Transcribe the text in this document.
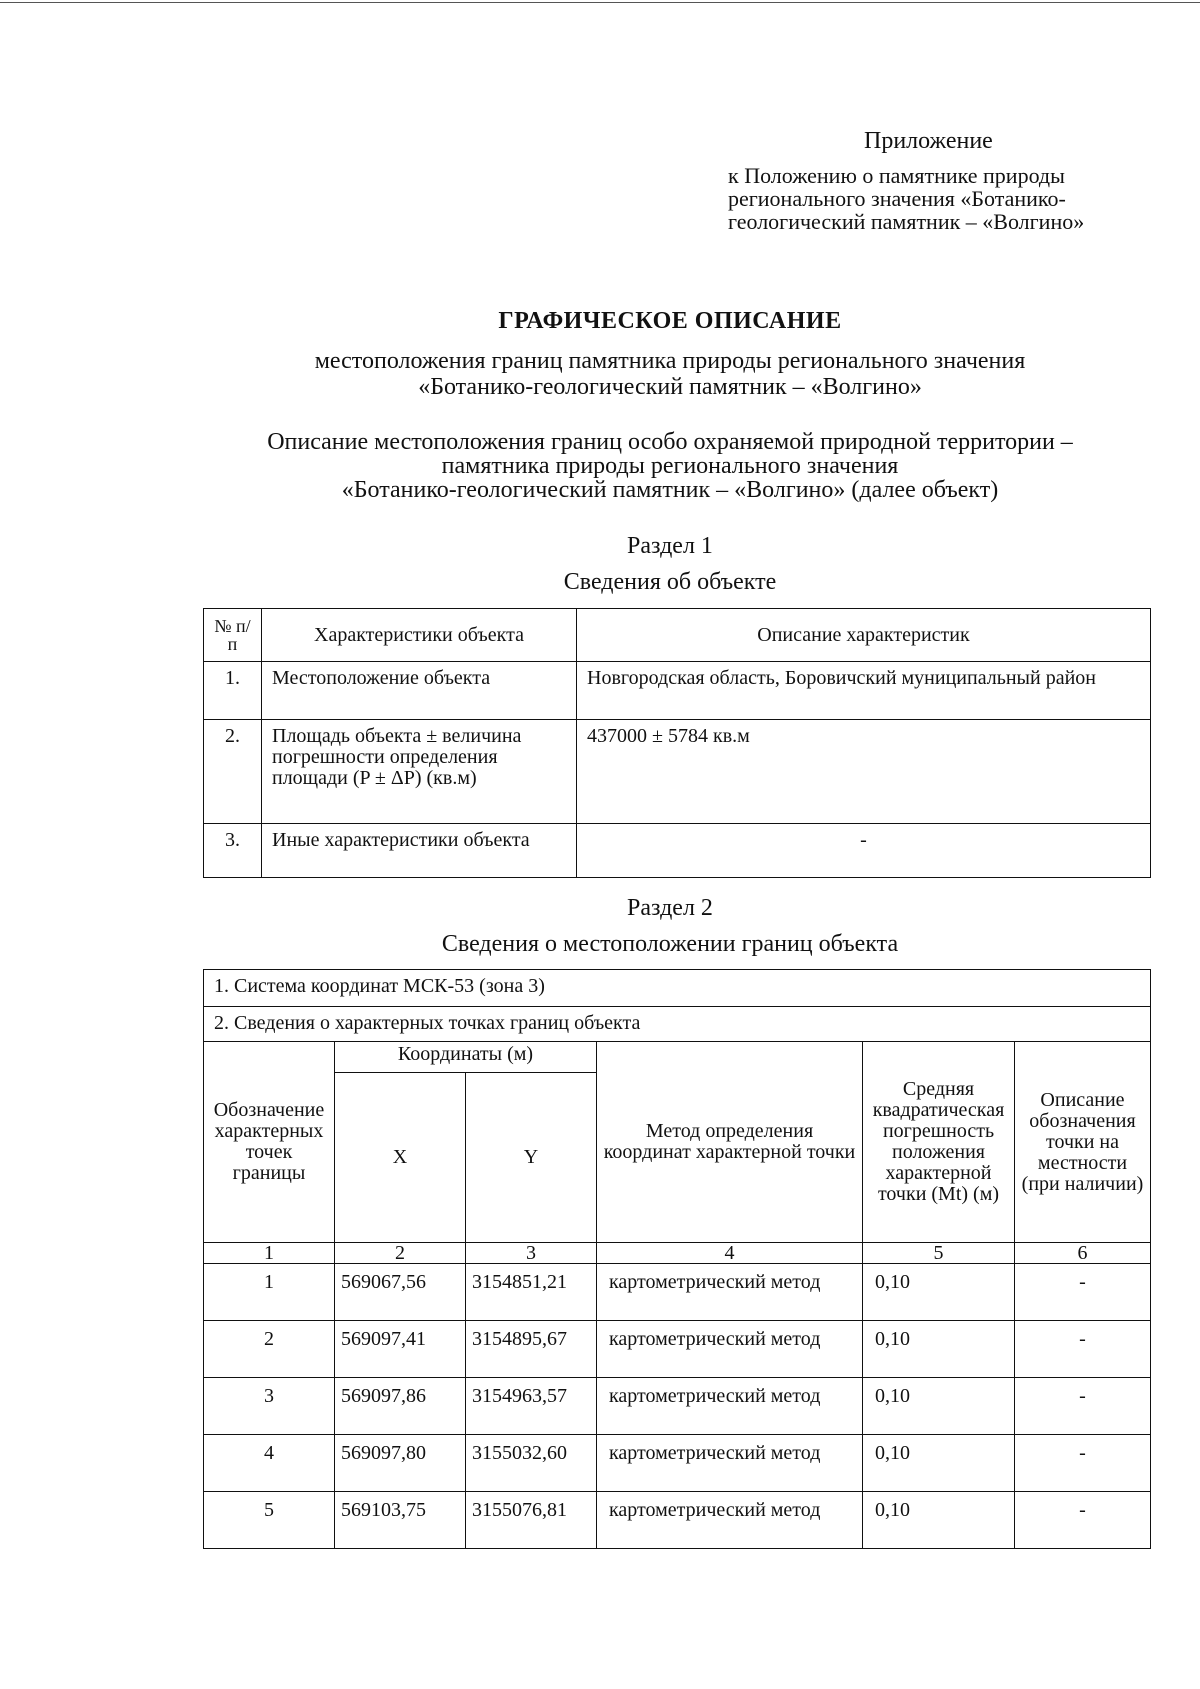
Приложение
к Положению о памятнике природы
регионального значения «Ботанико-
геологический памятник – «Волгино»
ГРАФИЧЕСКОЕ ОПИСАНИЕ
местоположения границ памятника природы регионального значения
«Ботанико-геологический памятник – «Волгино»
Описание местоположения границ особо охраняемой природной территории –
памятника природы регионального значения
«Ботанико-геологический памятник – «Волгино» (далее объект)
Раздел 1
Сведения об объекте
№ п/п	Характеристики объекта	Описание характеристик
1.	Местоположение объекта	Новгородская область, Боровичский муниципальный район
2.	Площадь объекта ± величина погрешности определения площади (P ± ΔP) (кв.м)	437000 ± 5784 кв.м
3.	Иные характеристики объекта	-
Раздел 2
Сведения о местоположении границ объекта
1. Система координат МСК-53 (зона 3)					
2. Сведения о характерных точках границ объекта					
Обозначение характерных точек границы	Координаты (м)		Метод определения координат характерной точки	Средняя квадратическая погрешность положения характерной точки (Mt) (м)	Описание обозначения точки на местности (при наличии)
	X	Y			
1	2	3	4	5	6
1	569067,56	3154851,21	картометрический метод	0,10	-
2	569097,41	3154895,67	картометрический метод	0,10	-
3	569097,86	3154963,57	картометрический метод	0,10	-
4	569097,80	3155032,60	картометрический метод	0,10	-
5	569103,75	3155076,81	картометрический метод	0,10	-
